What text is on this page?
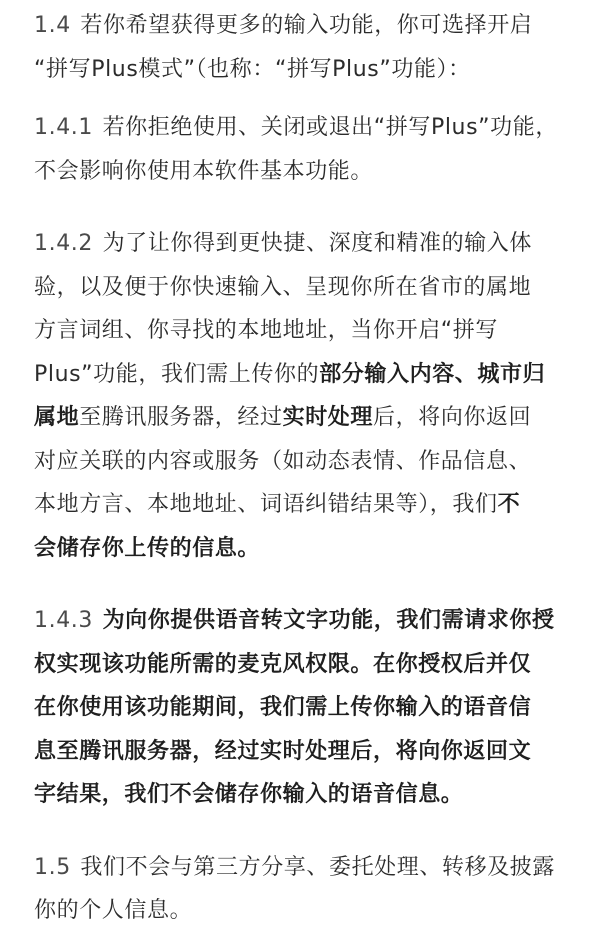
1.4 若你希望获得更多的输入功能，你可选择开启
“拼写Plus模式”（也称：“拼写Plus”功能）：

1.4.1 若你拒绝使用、关闭或退出“拼写Plus”功能，
不会影响你使用本软件基本功能。

1.4.2 为了让你得到更快捷、深度和精准的输入体
验，以及便于你快速输入、呈现你所在省市的属地
方言词组、你寻找的本地地址，当你开启“拼写
Plus”功能，我们需上传你的部分输入内容、城市归
属地至腾讯服务器，经过实时处理后，将向你返回
对应关联的内容或服务（如动态表情、作品信息、
本地方言、本地地址、词语纠错结果等），我们不
会储存你上传的信息。

1.4.3 为向你提供语音转文字功能，我们需请求你授
权实现该功能所需的麦克风权限。在你授权后并仅
在你使用该功能期间，我们需上传你输入的语音信
息至腾讯服务器，经过实时处理后，将向你返回文
字结果，我们不会储存你输入的语音信息。

1.5 我们不会与第三方分享、委托处理、转移及披露
你的个人信息。
